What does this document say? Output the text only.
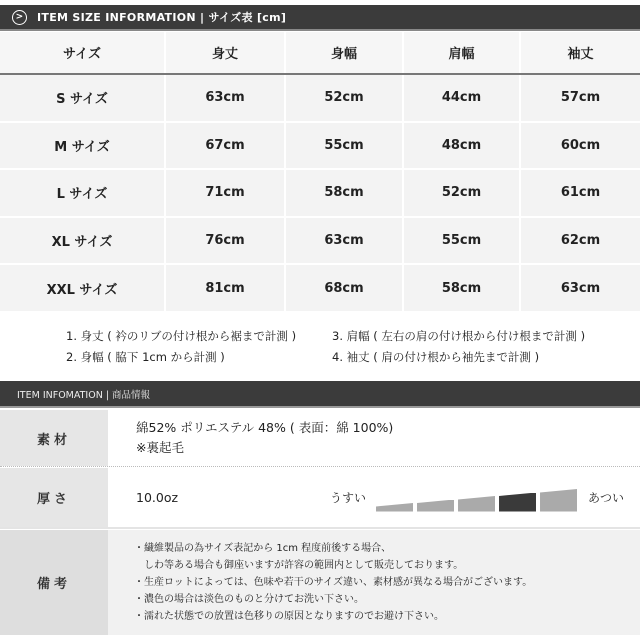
>	ITEM SIZE INFORMATION | サイズ表 [cm]
サイズ	身丈	身幅	肩幅	袖丈
S サイズ	63cm	52cm	44cm	57cm
M サイズ	67cm	55cm	48cm	60cm
L サイズ	71cm	58cm	52cm	61cm
XL サイズ	76cm	63cm	55cm	62cm
XXL サイズ	81cm	68cm	58cm	63cm
1. 身丈 ( 衿のリブの付け根から裾まで計測 )
2. 身幅 ( 脇下 1cm から計測 )
3. 肩幅 ( 左右の肩の付け根から付け根まで計測 )
4. 袖丈 ( 肩の付け根から袖先まで計測 )
ITEM INFOMATION | 商品情報
素材
綿52% ポリエステル 48% ( 表面：綿 100%)
※裏起毛
厚さ	10.0oz	うすい	あつい
備考
・繊維製品の為サイズ表記から 1cm 程度前後する場合、
　しわ等ある場合も御座いますが許容の範囲内として販売しております。
・生産ロットによっては、色味や若干のサイズ違い、素材感が異なる場合がございます。
・濃色の場合は淡色のものと分けてお洗い下さい。
・濡れた状態での放置は色移りの原因となりますのでお避け下さい。
